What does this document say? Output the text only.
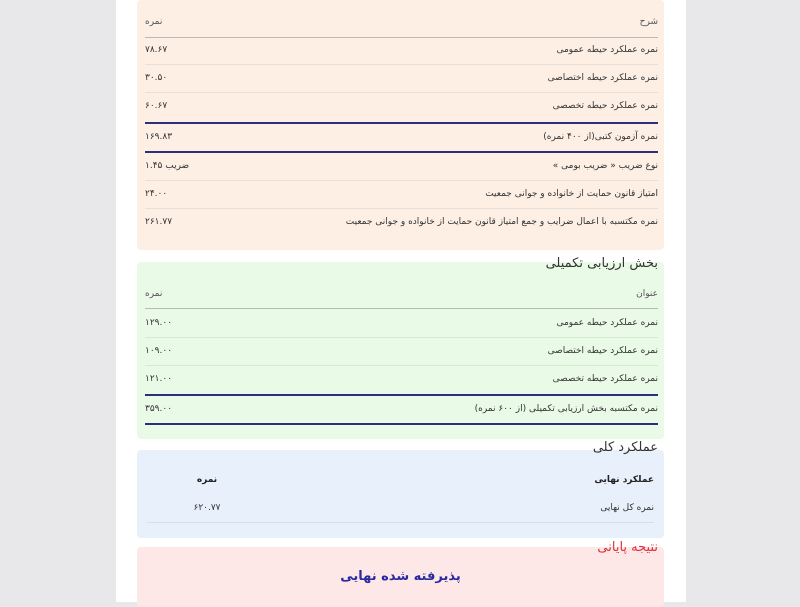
شرح
نمره
نمره عملکرد حیطه عمومی
۷۸.۶۷
نمره عملکرد حیطه اختصاصی
۳۰.۵۰
نمره عملکرد حیطه تخصصی
۶۰.۶۷
نمره آزمون کتبی(از ۴۰۰ نمره)
۱۶۹.۸۳
نوع ضریب « ضریب بومی »
ضریب ۱.۴۵
امتیاز قانون حمایت از خانواده و جوانی جمعیت
۲۴.۰۰
نمره مکتسبه با اعمال ضرایب و جمع امتیاز قانون حمایت از خانواده و جوانی جمعیت
۲۶۱.۷۷
بخش ارزیابی تکمیلی
عنوان
نمره
نمره عملکرد حیطه عمومی
۱۲۹.۰۰
نمره عملکرد حیطه اختصاصی
۱۰۹.۰۰
نمره عملکرد حیطه تخصصی
۱۲۱.۰۰
نمره مکتسبه بخش ارزیابی تکمیلی (از ۶۰۰ نمره)
۳۵۹.۰۰
عملکرد کلی
عملکرد نهایی
نمره
نمره کل نهایی
۶۲۰.۷۷
نتیجه پایانی
پذیرفته شده نهایی
